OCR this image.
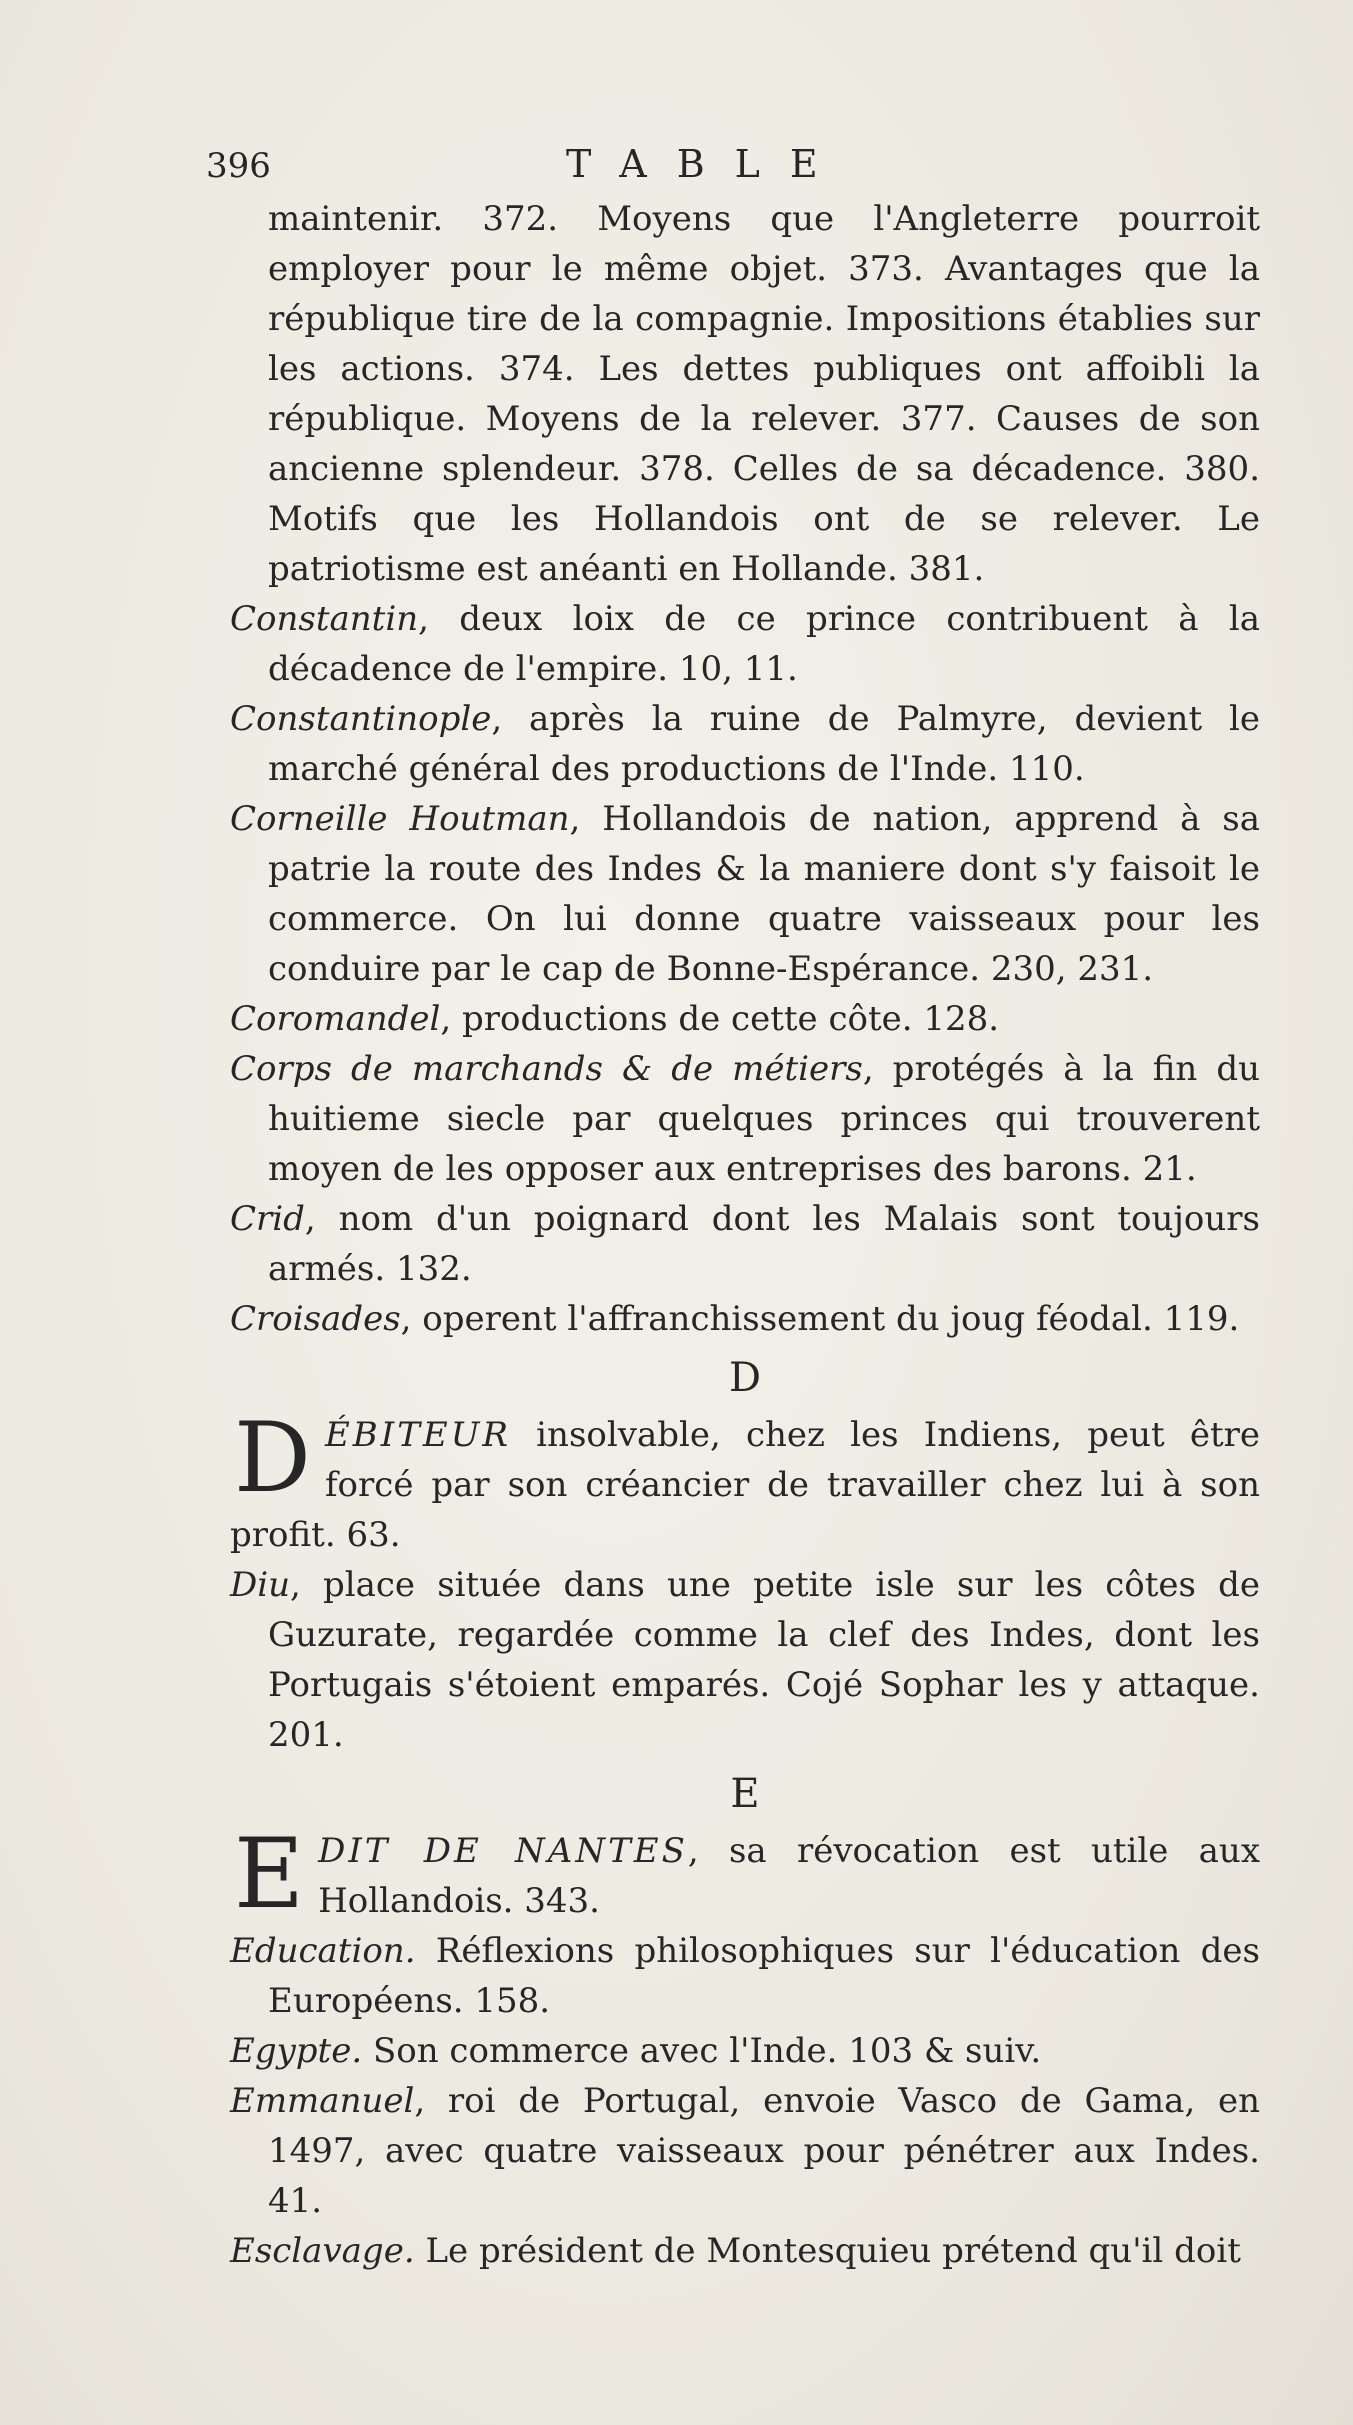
396	TABLE
maintenir. 372. Moyens que l'Angleterre pourroit employer pour le même objet. 373. Avantages que la république tire de la compagnie. Impositions établies sur les actions. 374. Les dettes publiques ont affoibli la république. Moyens de la relever. 377. Causes de son ancienne splendeur. 378. Celles de sa décadence. 380. Motifs que les Hollandois ont de se relever. Le patriotisme est anéanti en Hollande. 381.
Constantin, deux loix de ce prince contribuent à la décadence de l'empire. 10, 11.
Constantinople, après la ruine de Palmyre, devient le marché général des productions de l'Inde. 110.
Corneille Houtman, Hollandois de nation, apprend à sa patrie la route des Indes & la maniere dont s'y faisoit le commerce. On lui donne quatre vaisseaux pour les conduire par le cap de Bonne-Espérance. 230, 231.
Coromandel, productions de cette côte. 128.
Corps de marchands & de métiers, protégés à la fin du huitieme siecle par quelques princes qui trouverent moyen de les opposer aux entreprises des barons. 21.
Crid, nom d'un poignard dont les Malais sont toujours armés. 132.
Croisades, operent l'affranchissement du joug féodal. 119.
D
D ÉBITEUR insolvable, chez les Indiens, peut être forcé par son créancier de travailler chez lui à son profit. 63.
Diu, place située dans une petite isle sur les côtes de Guzurate, regardée comme la clef des Indes, dont les Portugais s'étoient emparés. Cojé Sophar les y attaque. 201.
E
E DIT DE NANTES, sa révocation est utile aux Hollandois. 343.
Education. Réflexions philosophiques sur l'éducation des Européens. 158.
Egypte. Son commerce avec l'Inde. 103 & suiv.
Emmanuel, roi de Portugal, envoie Vasco de Gama, en 1497, avec quatre vaisseaux pour pénétrer aux Indes. 41.
Esclavage. Le président de Montesquieu prétend qu'il doit
